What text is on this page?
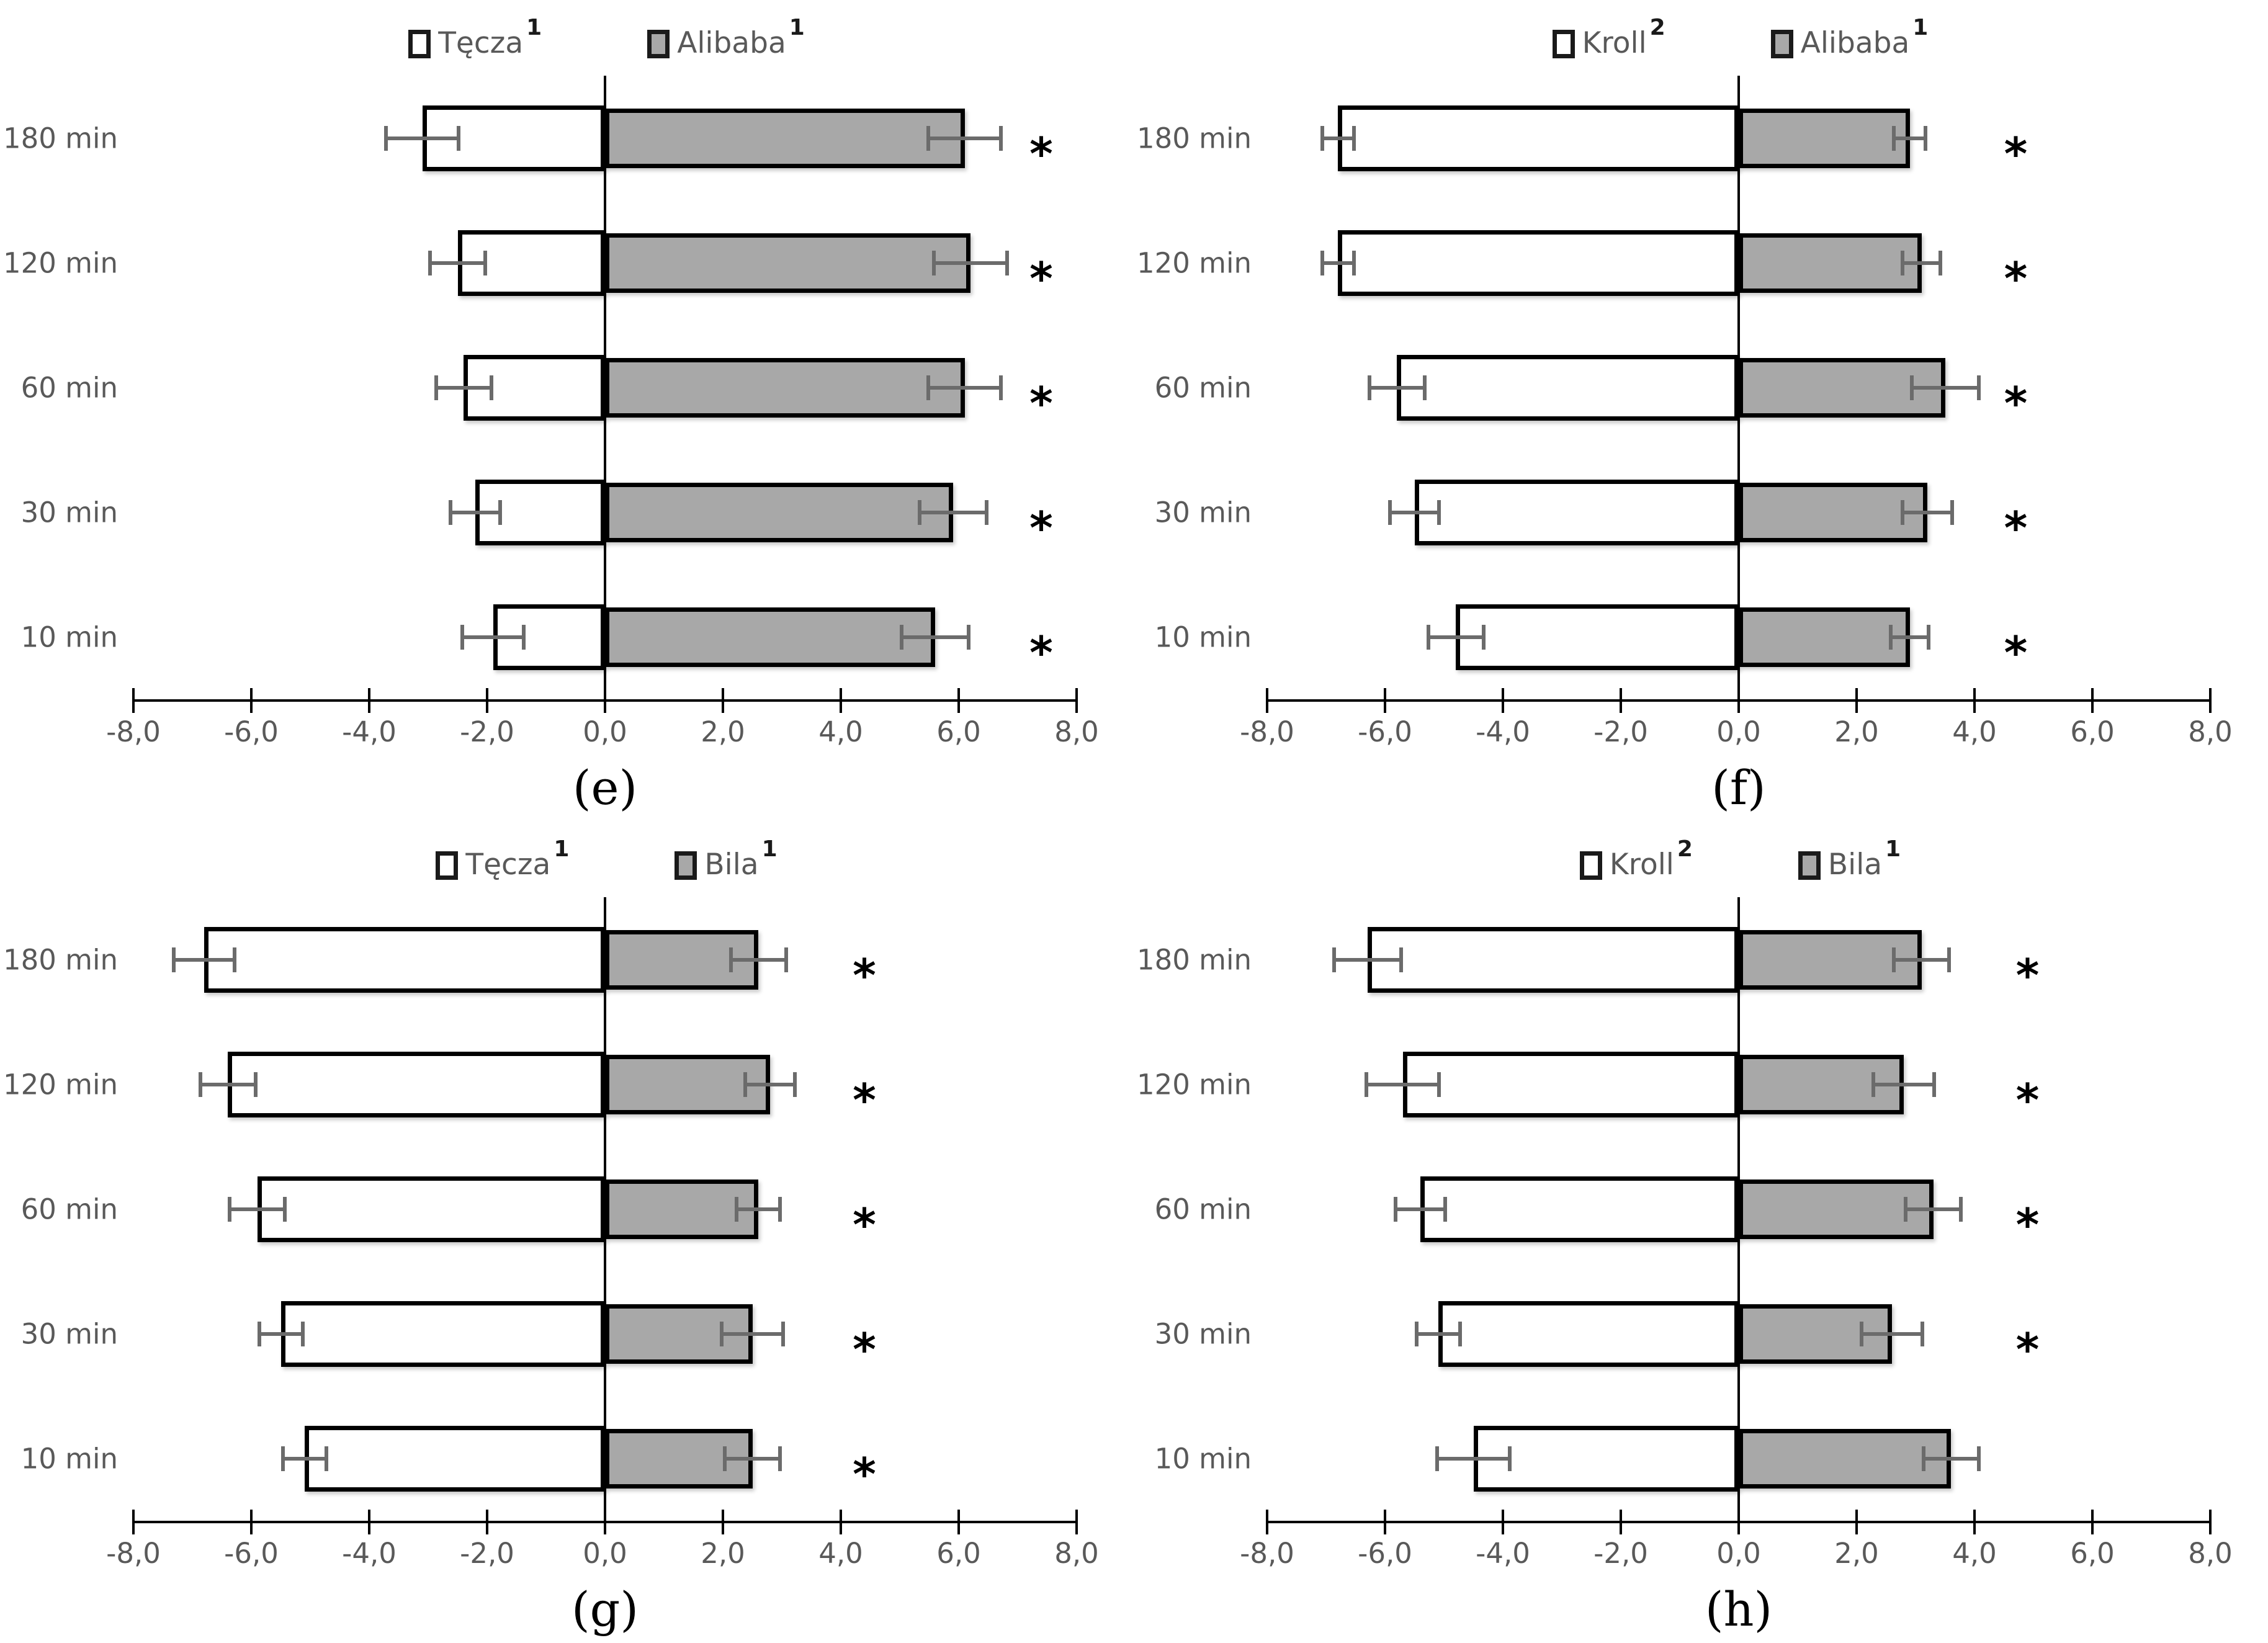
Tęcza 1	Alibaba 1
180 min	*
120 min	*
60 min	*
30 min	*
10 min	*
-8,0 -6,0 -4,0 -2,0 0,0	2,0	4,0	6,0	8,0
(e)
Kroll 2	Alibaba 1
180 min	*
120 min	*
60 min	*
30 min	*
10 min	*
-8,0 -6,0 -4,0 -2,0 0,0	2,0	4,0	6,0	8,0
(f)
Tęcza 1	Bila 1
180 min	*
120 min	*
60 min	*
30 min	*
10 min	*
-8,0 -6,0 -4,0 -2,0 0,0	2,0	4,0	6,0	8,0
(g)
Kroll 2	Bila 1
180 min	*
120 min	*
60 min	*
30 min	*
10 min
-8,0 -6,0 -4,0 -2,0 0,0	2,0	4,0	6,0	8,0
(h)
